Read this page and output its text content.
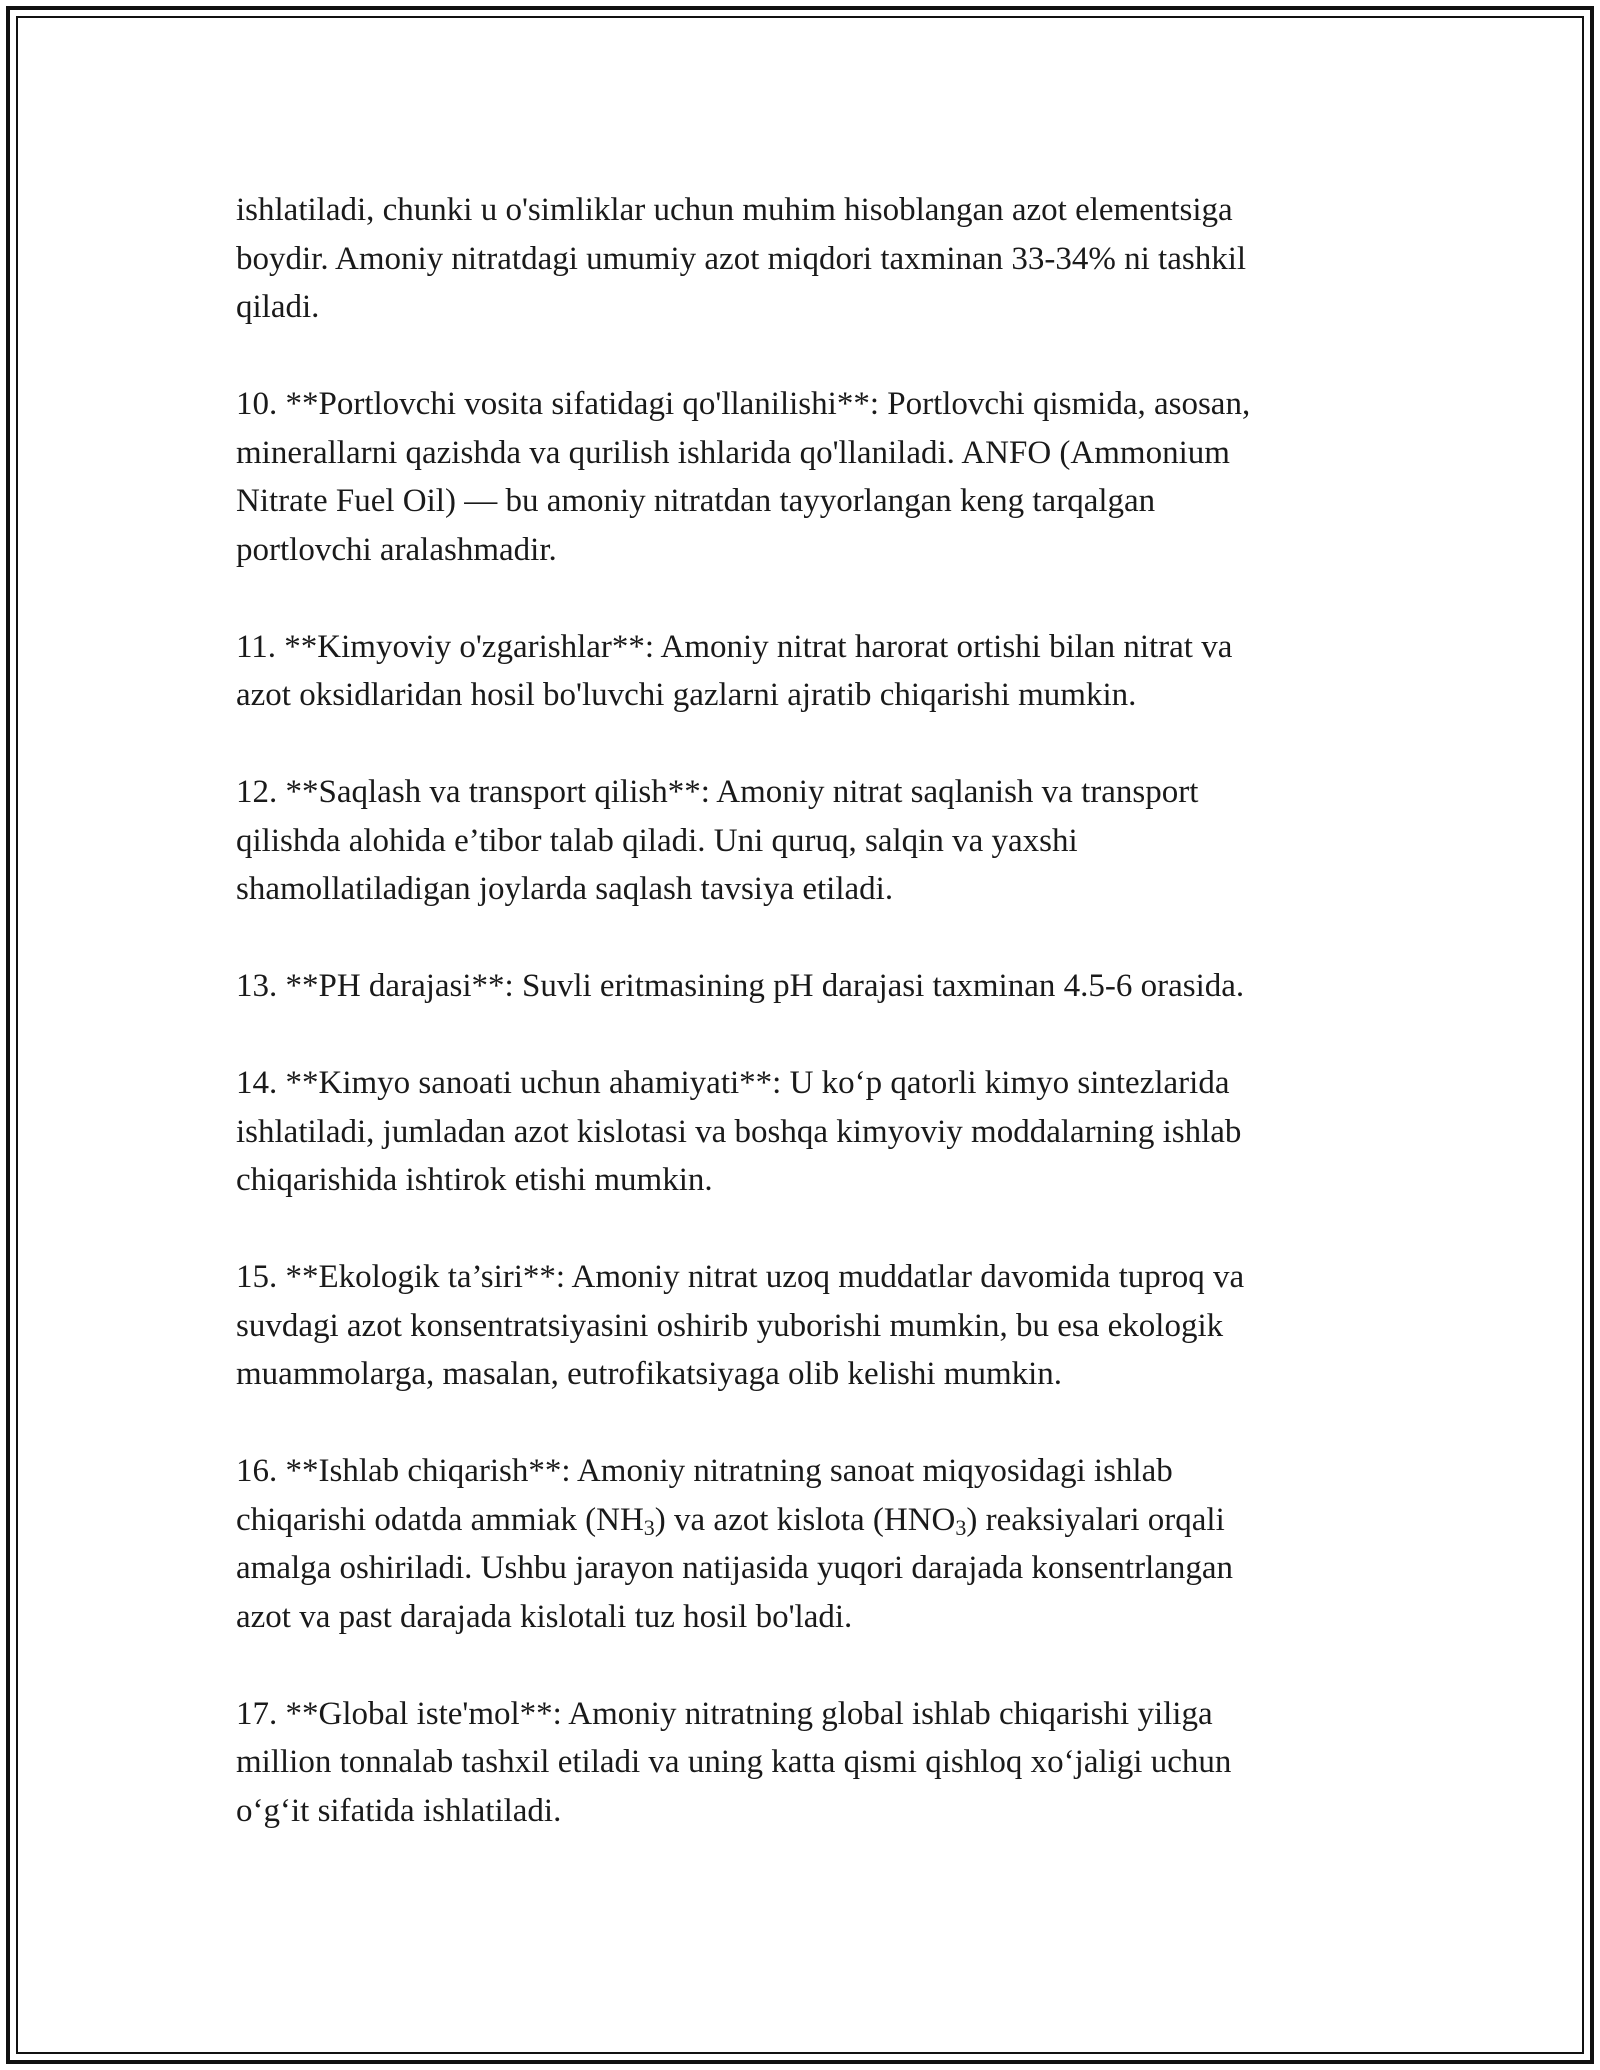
ishlatiladi, chunki u o'simliklar uchun muhim hisoblangan azot elementsiga
boydir. Amoniy nitratdagi umumiy azot miqdori taxminan 33-34% ni tashkil
qiladi.

10. **Portlovchi vosita sifatidagi qo'llanilishi**: Portlovchi qismida, asosan,
minerallarni qazishda va qurilish ishlarida qo'llaniladi. ANFO (Ammonium
Nitrate Fuel Oil) — bu amoniy nitratdan tayyorlangan keng tarqalgan
portlovchi aralashmadir.

11. **Kimyoviy o'zgarishlar**: Amoniy nitrat harorat ortishi bilan nitrat va
azot oksidlaridan hosil bo'luvchi gazlarni ajratib chiqarishi mumkin.

12. **Saqlash va transport qilish**: Amoniy nitrat saqlanish va transport
qilishda alohida e’tibor talab qiladi. Uni quruq, salqin va yaxshi
shamollatiladigan joylarda saqlash tavsiya etiladi.

13. **PH darajasi**: Suvli eritmasining pH darajasi taxminan 4.5-6 orasida.

14. **Kimyo sanoati uchun ahamiyati**: U ko‘p qatorli kimyo sintezlarida
ishlatiladi, jumladan azot kislotasi va boshqa kimyoviy moddalarning ishlab
chiqarishida ishtirok etishi mumkin.

15. **Ekologik ta’siri**: Amoniy nitrat uzoq muddatlar davomida tuproq va
suvdagi azot konsentratsiyasini oshirib yuborishi mumkin, bu esa ekologik
muammolarga, masalan, eutrofikatsiyaga olib kelishi mumkin.

16. **Ishlab chiqarish**: Amoniy nitratning sanoat miqyosidagi ishlab
chiqarishi odatda ammiak $(NH_3)$ va azot kislota $(HNO_3)$ reaksiyalari orqali
amalga oshiriladi. Ushbu jarayon natijasida yuqori darajada konsentrlangan
azot va past darajada kislotali tuz hosil bo'ladi.

17. **Global iste'mol**: Amoniy nitratning global ishlab chiqarishi yiliga
million tonnalab tashxil etiladi va uning katta qismi qishloq xo‘jaligi uchun
o‘g‘it sifatida ishlatiladi.
